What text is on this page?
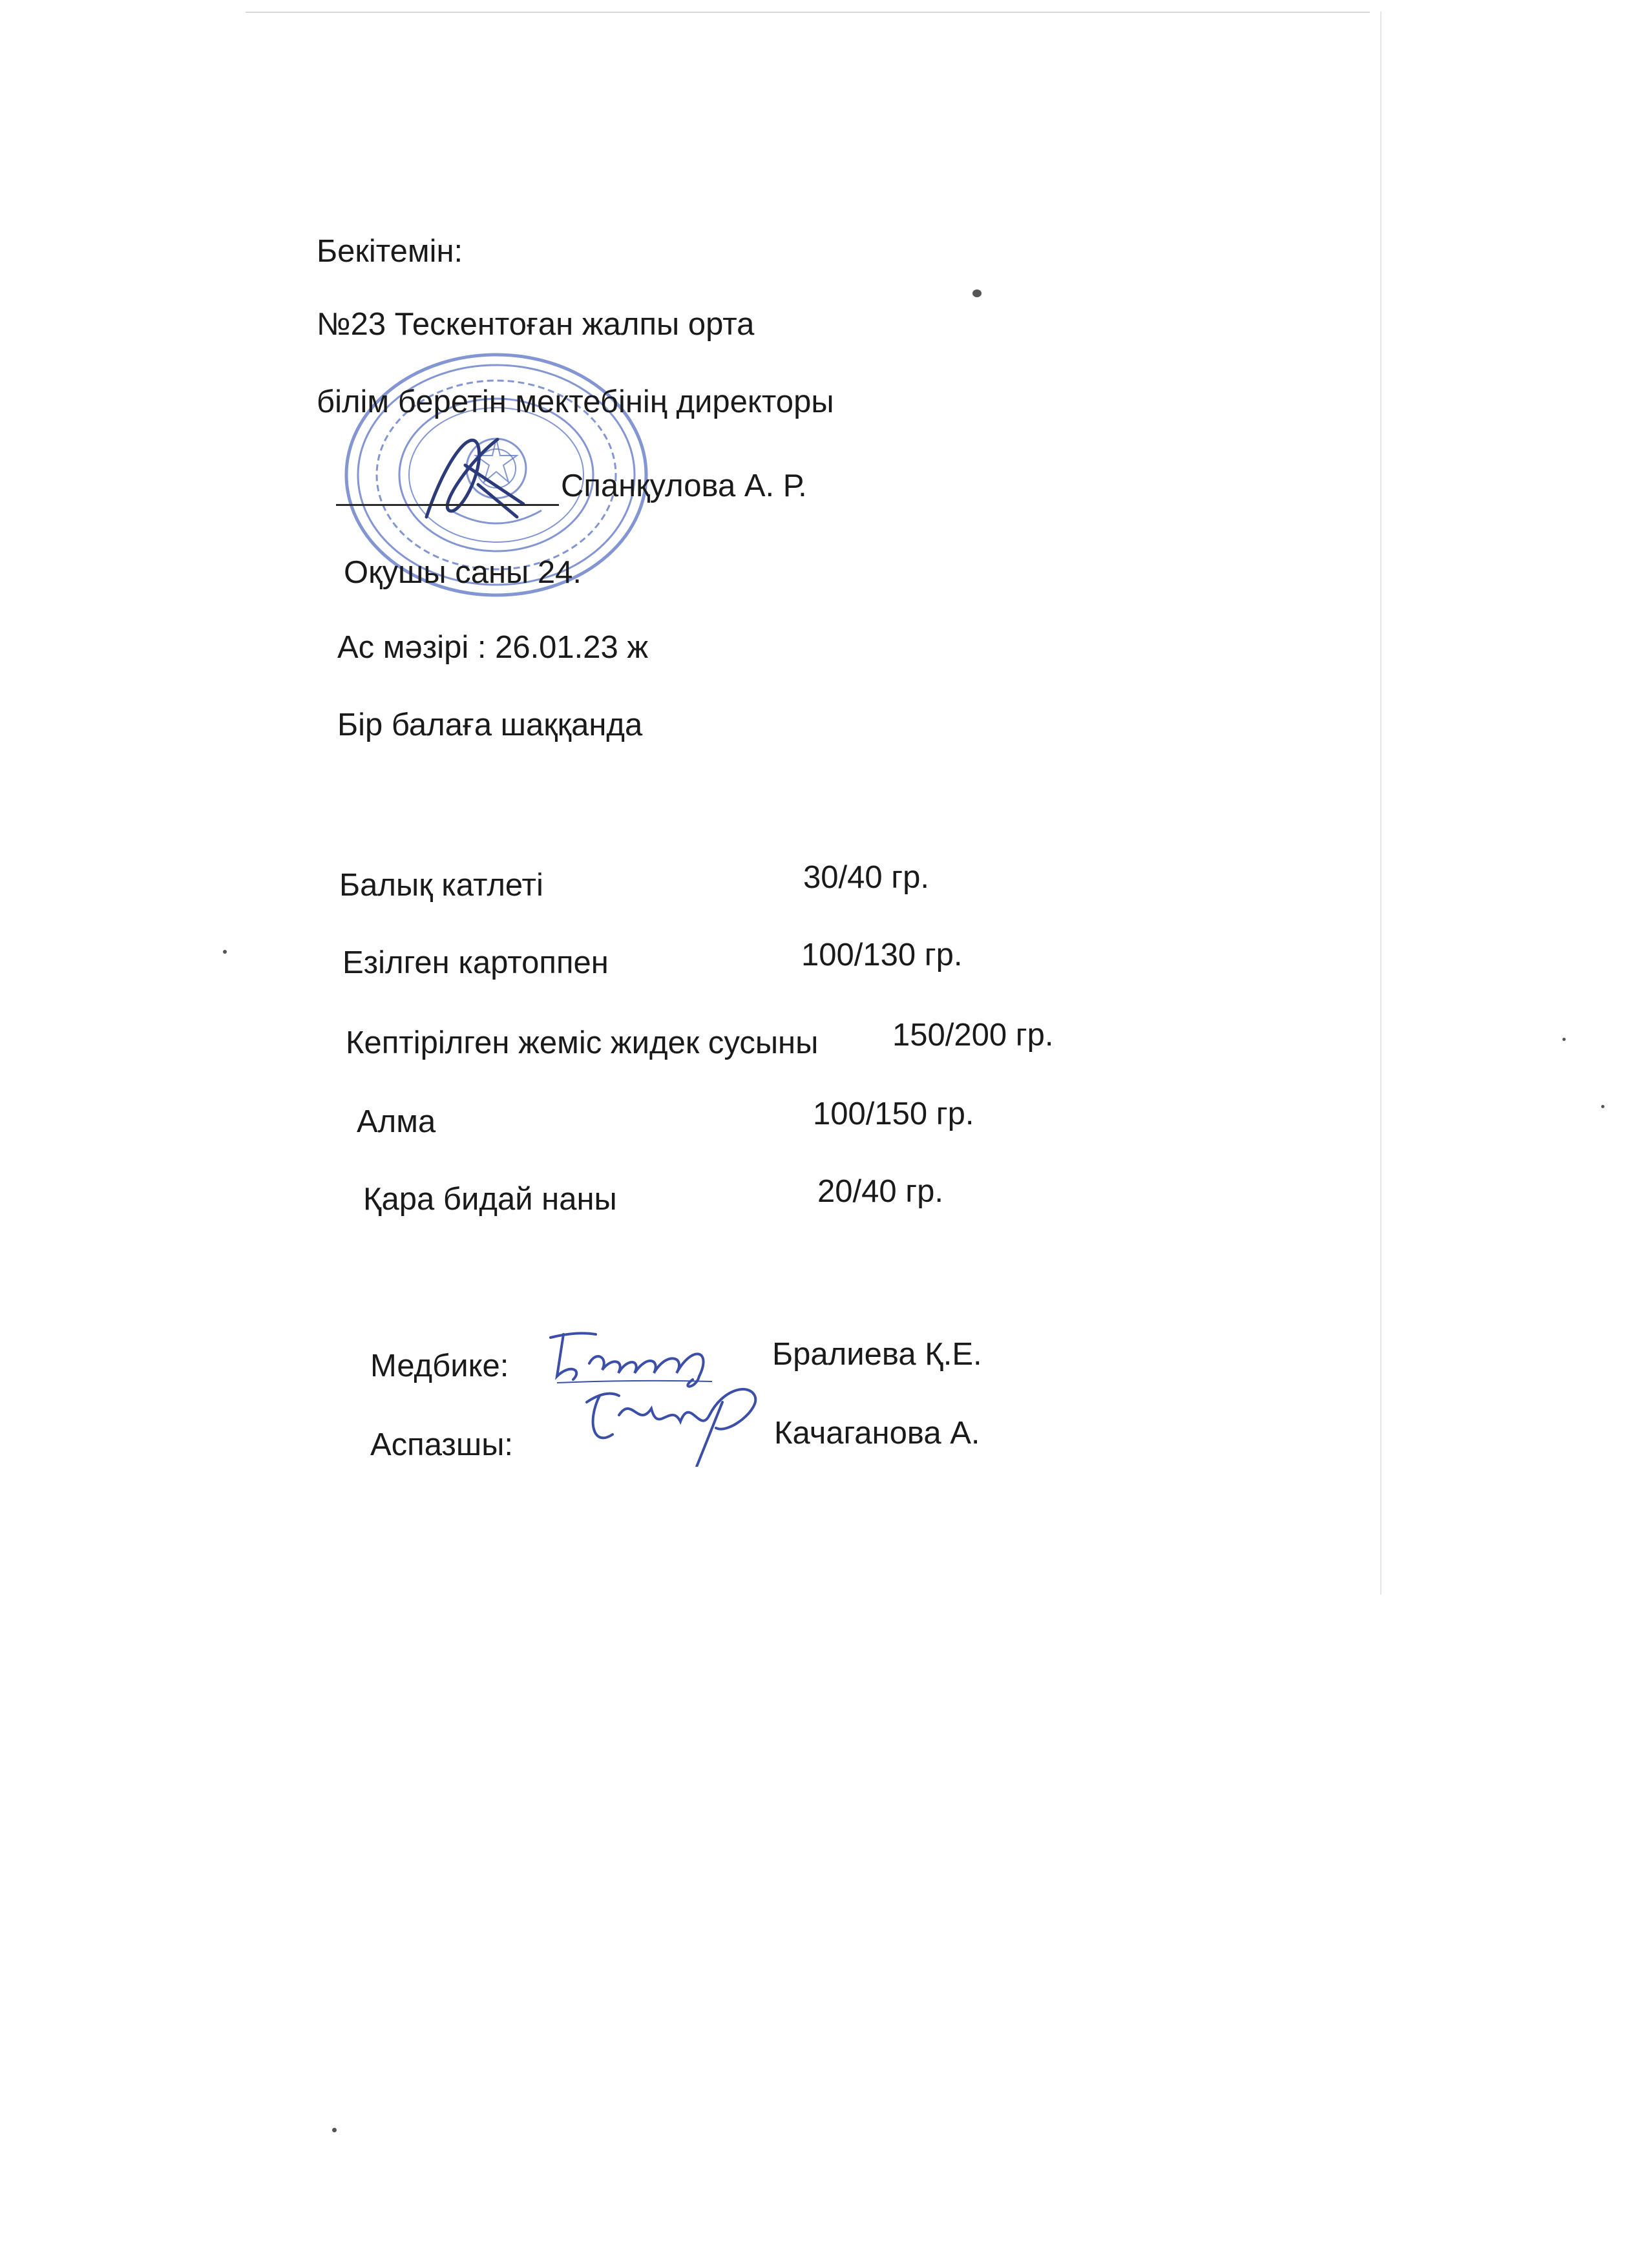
Бекітемін:
№23 Тескентоған жалпы орта
білім беретін мектебінің директоры
Спанқулова А. Р.
Оқушы саны 24.
Ас мәзірі : 26.01.23 ж
Бір балаға шаққанда
Балық катлеті	30/40 гр.
Езілген картоппен	100/130 гр.
Кептірілген жеміс жидек сусыны 150/200 гр.
Алма	100/150 гр.
Қара бидай наны	20/40 гр.
Медбике:	Бралиева Қ.Е.
Аспазшы:	Качаганова А.
